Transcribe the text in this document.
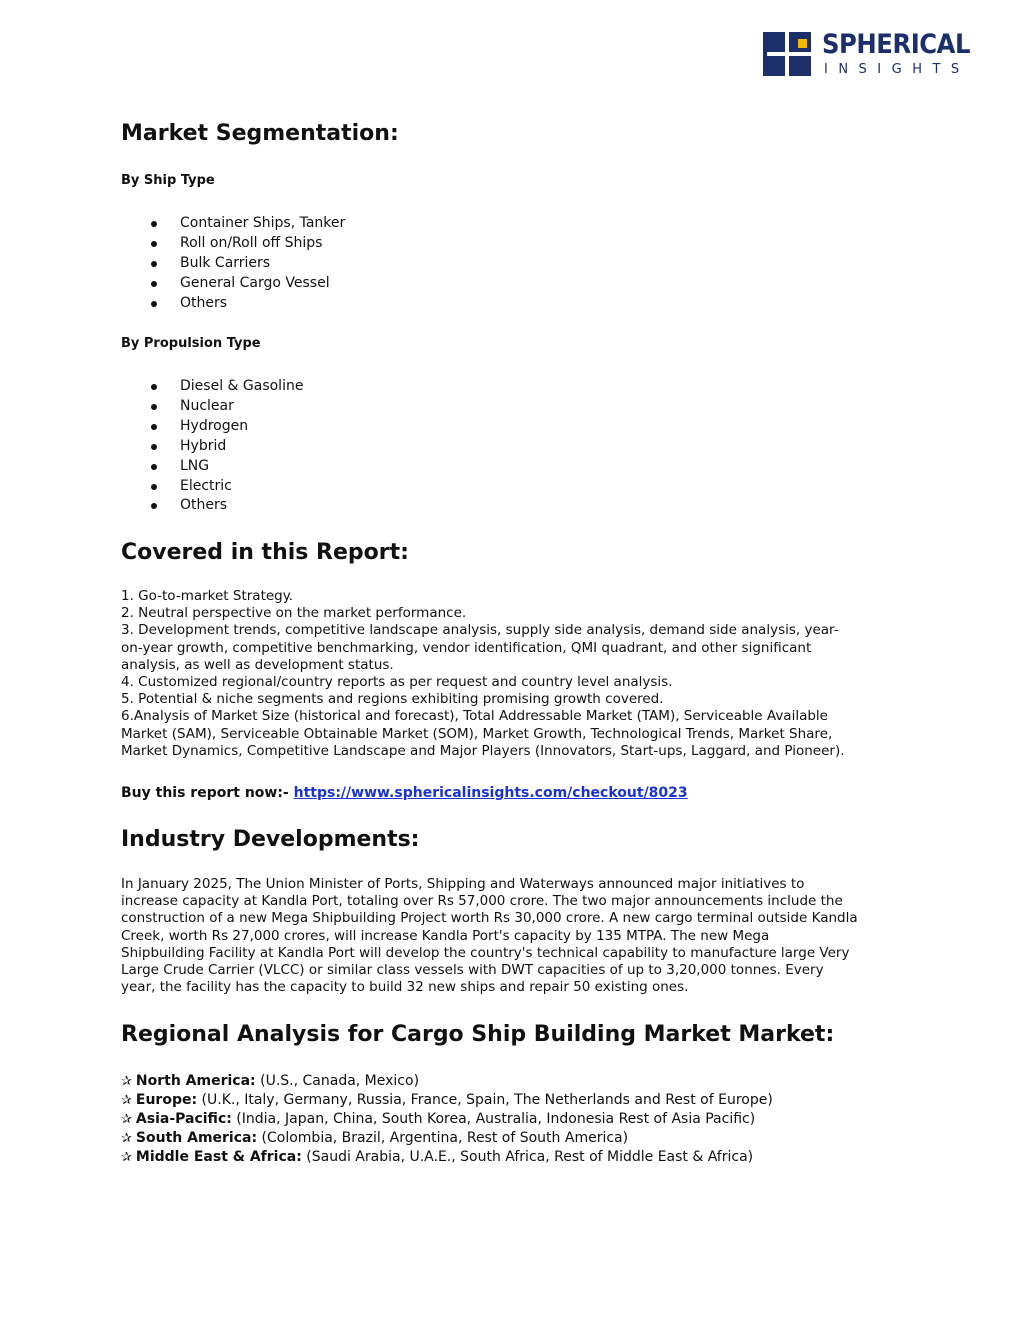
SPHERICAL
INSIGHTS
Market Segmentation:
By Ship Type
Container Ships, Tanker
Roll on/Roll off Ships
Bulk Carriers
General Cargo Vessel
Others
By Propulsion Type
Diesel & Gasoline
Nuclear
Hydrogen
Hybrid
LNG
Electric
Others
Covered in this Report:
1. Go-to-market Strategy.
2. Neutral perspective on the market performance.
3. Development trends, competitive landscape analysis, supply side analysis, demand side analysis, year-
on-year growth, competitive benchmarking, vendor identification, QMI quadrant, and other significant
analysis, as well as development status.
4. Customized regional/country reports as per request and country level analysis.
5. Potential & niche segments and regions exhibiting promising growth covered.
6.Analysis of Market Size (historical and forecast), Total Addressable Market (TAM), Serviceable Available
Market (SAM), Serviceable Obtainable Market (SOM), Market Growth, Technological Trends, Market Share,
Market Dynamics, Competitive Landscape and Major Players (Innovators, Start-ups, Laggard, and Pioneer).
Buy this report now:- https://www.sphericalinsights.com/checkout/8023
Industry Developments:
In January 2025, The Union Minister of Ports, Shipping and Waterways announced major initiatives to
increase capacity at Kandla Port, totaling over Rs 57,000 crore. The two major announcements include the
construction of a new Mega Shipbuilding Project worth Rs 30,000 crore. A new cargo terminal outside Kandla
Creek, worth Rs 27,000 crores, will increase Kandla Port's capacity by 135 MTPA. The new Mega
Shipbuilding Facility at Kandla Port will develop the country's technical capability to manufacture large Very
Large Crude Carrier (VLCC) or similar class vessels with DWT capacities of up to 3,20,000 tonnes. Every
year, the facility has the capacity to build 32 new ships and repair 50 existing ones.
Regional Analysis for Cargo Ship Building Market Market:
✰ North America: (U.S., Canada, Mexico)
✰ Europe: (U.K., Italy, Germany, Russia, France, Spain, The Netherlands and Rest of Europe)
✰ Asia-Pacific: (India, Japan, China, South Korea, Australia, Indonesia Rest of Asia Pacific)
✰ South America: (Colombia, Brazil, Argentina, Rest of South America)
✰ Middle East & Africa: (Saudi Arabia, U.A.E., South Africa, Rest of Middle East & Africa)
